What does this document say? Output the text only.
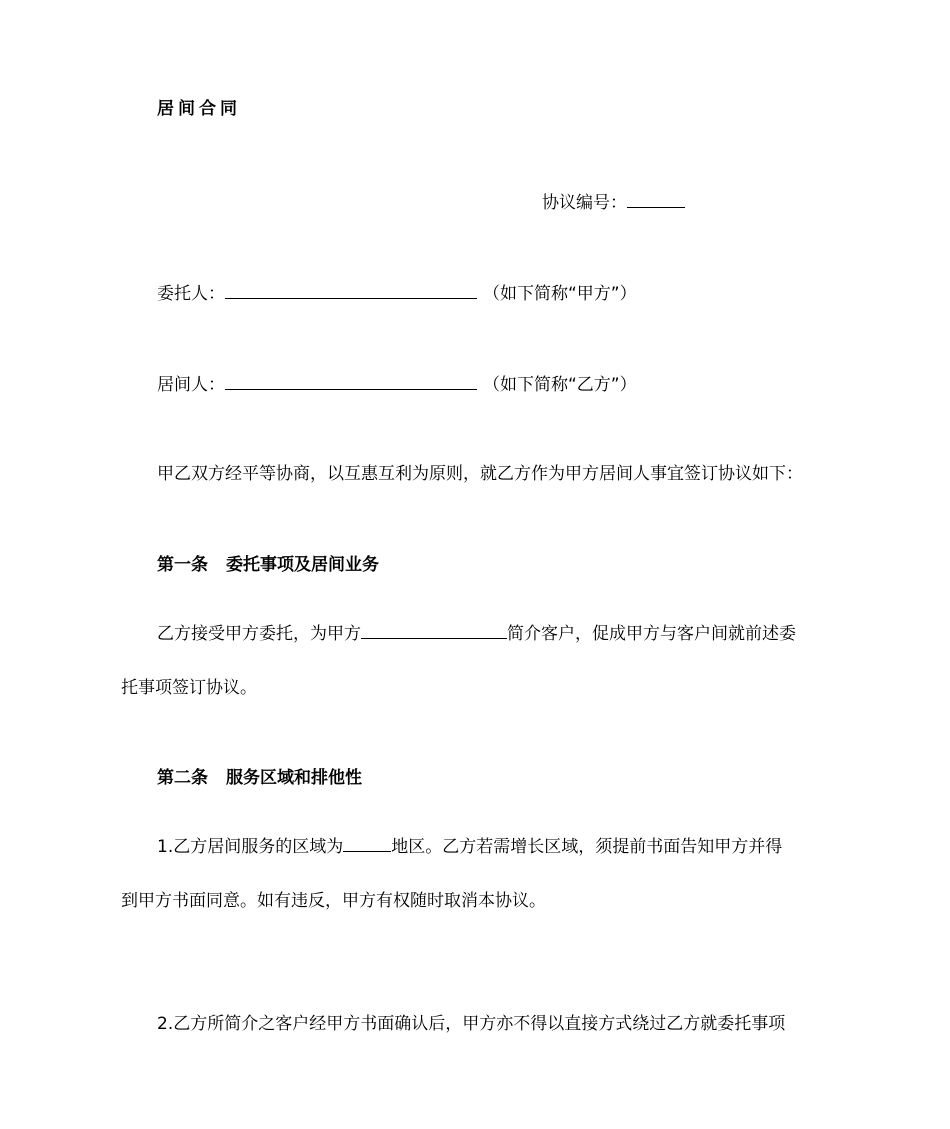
居间合同
协议编号：
委托人：	（如下简称“甲方”）
居间人：	（如下简称“乙方”）
甲乙双方经平等协商，以互惠互利为原则，就乙方作为甲方居间人事宜签订协议如下：
第一条 委托事项及居间业务
乙方接受甲方委托，为甲方	简介客户，促成甲方与客户间就前述委
托事项签订协议。
第二条 服务区域和排他性
1.乙方居间服务的区域为	地区。乙方若需增长区域，须提前书面告知甲方并得
到甲方书面同意。如有违反，甲方有权随时取消本协议。
2.乙方所简介之客户经甲方书面确认后，甲方亦不得以直接方式绕过乙方就委托事项
